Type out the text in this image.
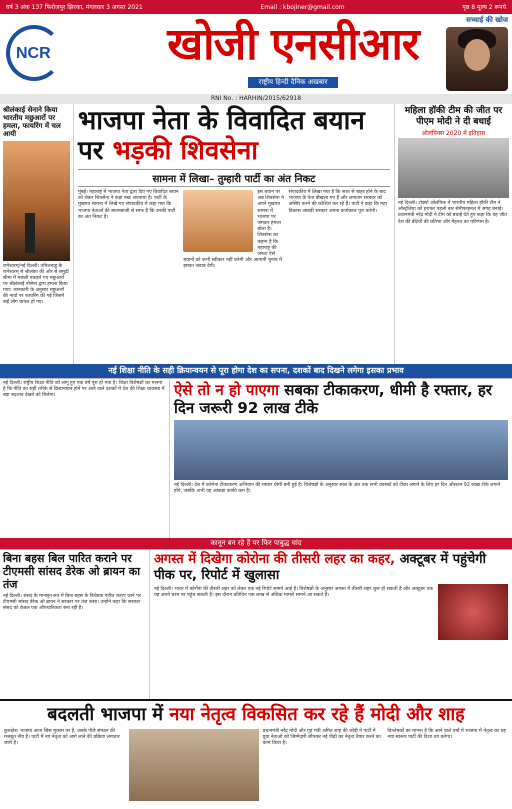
वर्ष 3 अंक 137 फिरोजपुर झिरका, मंगलवार 3 अगस्त 2021	Email : kbojiner@gmail.com	पृष्ठ 8 मूल्य 2 रूपये
NCR	खोजी एनसीआर
राष्ट्रीय हिन्दी दैनिक अखबार
सच्चाई की खोज
RNI No. : HARHIN/2015/62918
श्रीलंकाई सेनाने किया भारतीय मछुआरों पर हमला, फायरिंग में चल आयी
रामेश्वरम्/नई दिल्ली। तमिलनाडु के रामेश्वरम् से श्रीलंका की ओर से समुद्री सीमा में मछली पकड़ने गए मछुआरों पर श्रीलंकाई नौसेना द्वारा हमला किया गया। जानकारी के अनुसार मछुआरों की नावों पर फायरिंग की गई जिसमें कई लोग घायल हो गए।
भाजपा नेता के विवादित बयान पर भड़की शिवसेना
सामना में लिखा– तुम्हारी पार्टी का अंत निकट
मुंबई। महाराष्ट्र में भाजपा नेता द्वारा दिए गए विवादित बयान को लेकर शिवसेना ने कड़ा रुख अपनाया है। पार्टी के मुखपत्र सामना में लिखे गए संपादकीय में कहा गया कि भाजपा नेताओं की बयानबाजी से साफ है कि उनकी पार्टी का अंत निकट है।
इस बयान पर अब शिवसेना ने अपने मुखपत्र सामना में भाजपा पर जमकर हमला बोला है। शिवसेना का कहना है कि महाराष्ट्र की जनता ऐसे बयानों को कभी स्वीकार नहीं करेगी और आगामी चुनाव में इसका जवाब देगी।
संपादकीय में लिखा गया है कि सत्ता से बाहर होने के बाद भाजपा के नेता बौखला गए हैं और लगातार सरकार को अस्थिर करने की कोशिश कर रहे हैं। पार्टी ने कहा कि महा विकास अघाड़ी सरकार अपना कार्यकाल पूरा करेगी।
महिला हॉकी टीम की जीत पर पीएम मोदी ने दी बधाई
ओलंपिक्स 2020 में इतिहास
नई दिल्ली। टोक्यो ओलंपिक में भारतीय महिला हॉकी टीम ने ऑस्ट्रेलिया को हराकर पहली बार सेमीफाइनल में जगह बनाई। प्रधानमंत्री नरेंद्र मोदी ने टीम को बधाई देते हुए कहा कि यह जीत देश की बेटियों की प्रतिभा और मेहनत का परिणाम है।
नई शिक्षा नीति के सही क्रियान्वयन से पूरा होगा देश का सपना, दशकों बाद दिखने लगेगा इसका प्रभाव
नई दिल्ली। राष्ट्रीय शिक्षा नीति को लागू हुए एक वर्ष पूरा हो गया है। शिक्षा विशेषज्ञों का मानना है कि नीति का सही तरीके से क्रियान्वयन होने पर आने वाले दशकों में देश की शिक्षा व्यवस्था में बड़ा बदलाव देखने को मिलेगा।	ऐसे तो न हो पाएगा सबका टीकाकरण, धीमी है रफ्तार, हर दिन जरूरी 92 लाख टीके
नई दिल्ली। देश में कोरोना टीकाकरण अभियान की रफ्तार धीमी बनी हुई है। विशेषज्ञों के अनुसार साल के अंत तक सभी वयस्कों को टीका लगाने के लिए हर दिन औसतन 92 लाख टीके लगाने होंगे, जबकि अभी यह आंकड़ा काफी कम है।
कानून बन रहे हैं पर फिर पाबुद्ध चांद
बिना बहस बिल पारित कराने पर टीएमसी सांसद डेरेक ओ ब्रायन का तंज
नई दिल्ली। संसद के मानसून सत्र में बिना बहस के विधेयक पारित कराए जाने पर टीएमसी सांसद डेरेक ओ ब्रायन ने सरकार पर तंज कसा। उन्होंने कहा कि सरकार संसद को केवल एक औपचारिकता बना रही है।
अगस्त में दिखेगा कोरोना की तीसरी लहर का कहर, अक्टूबर में पहुंचेगी पीक पर, रिपोर्ट में खुलासा
नई दिल्ली। भारत में कोरोना की तीसरी लहर को लेकर एक नई रिपोर्ट सामने आई है। विशेषज्ञों के अनुसार अगस्त में तीसरी लहर शुरू हो सकती है और अक्टूबर तक यह अपने चरम पर पहुंच सकती है। इस दौरान प्रतिदिन एक लाख से अधिक मामले सामने आ सकते हैं।
बदलती भाजपा में नया नेतृत्व विकसित कर रहे हैं मोदी और शाह
कुरुक्षेत्र। भाजपा आज जिस मुकाम पर है, उसके पीछे संगठन की मजबूत नींव है। पार्टी में नए नेतृत्व को आगे लाने की प्रक्रिया लगातार जारी है।
प्रधानमंत्री नरेंद्र मोदी और गृह मंत्री अमित शाह की जोड़ी ने पार्टी में युवा नेताओं को जिम्मेदारी सौंपकर नई पीढ़ी का नेतृत्व तैयार करने का काम किया है।
विश्लेषकों का मानना है कि आने वाले वर्षों में भाजपा में नेतृत्व का यह नया स्वरूप पार्टी की दिशा तय करेगा।
